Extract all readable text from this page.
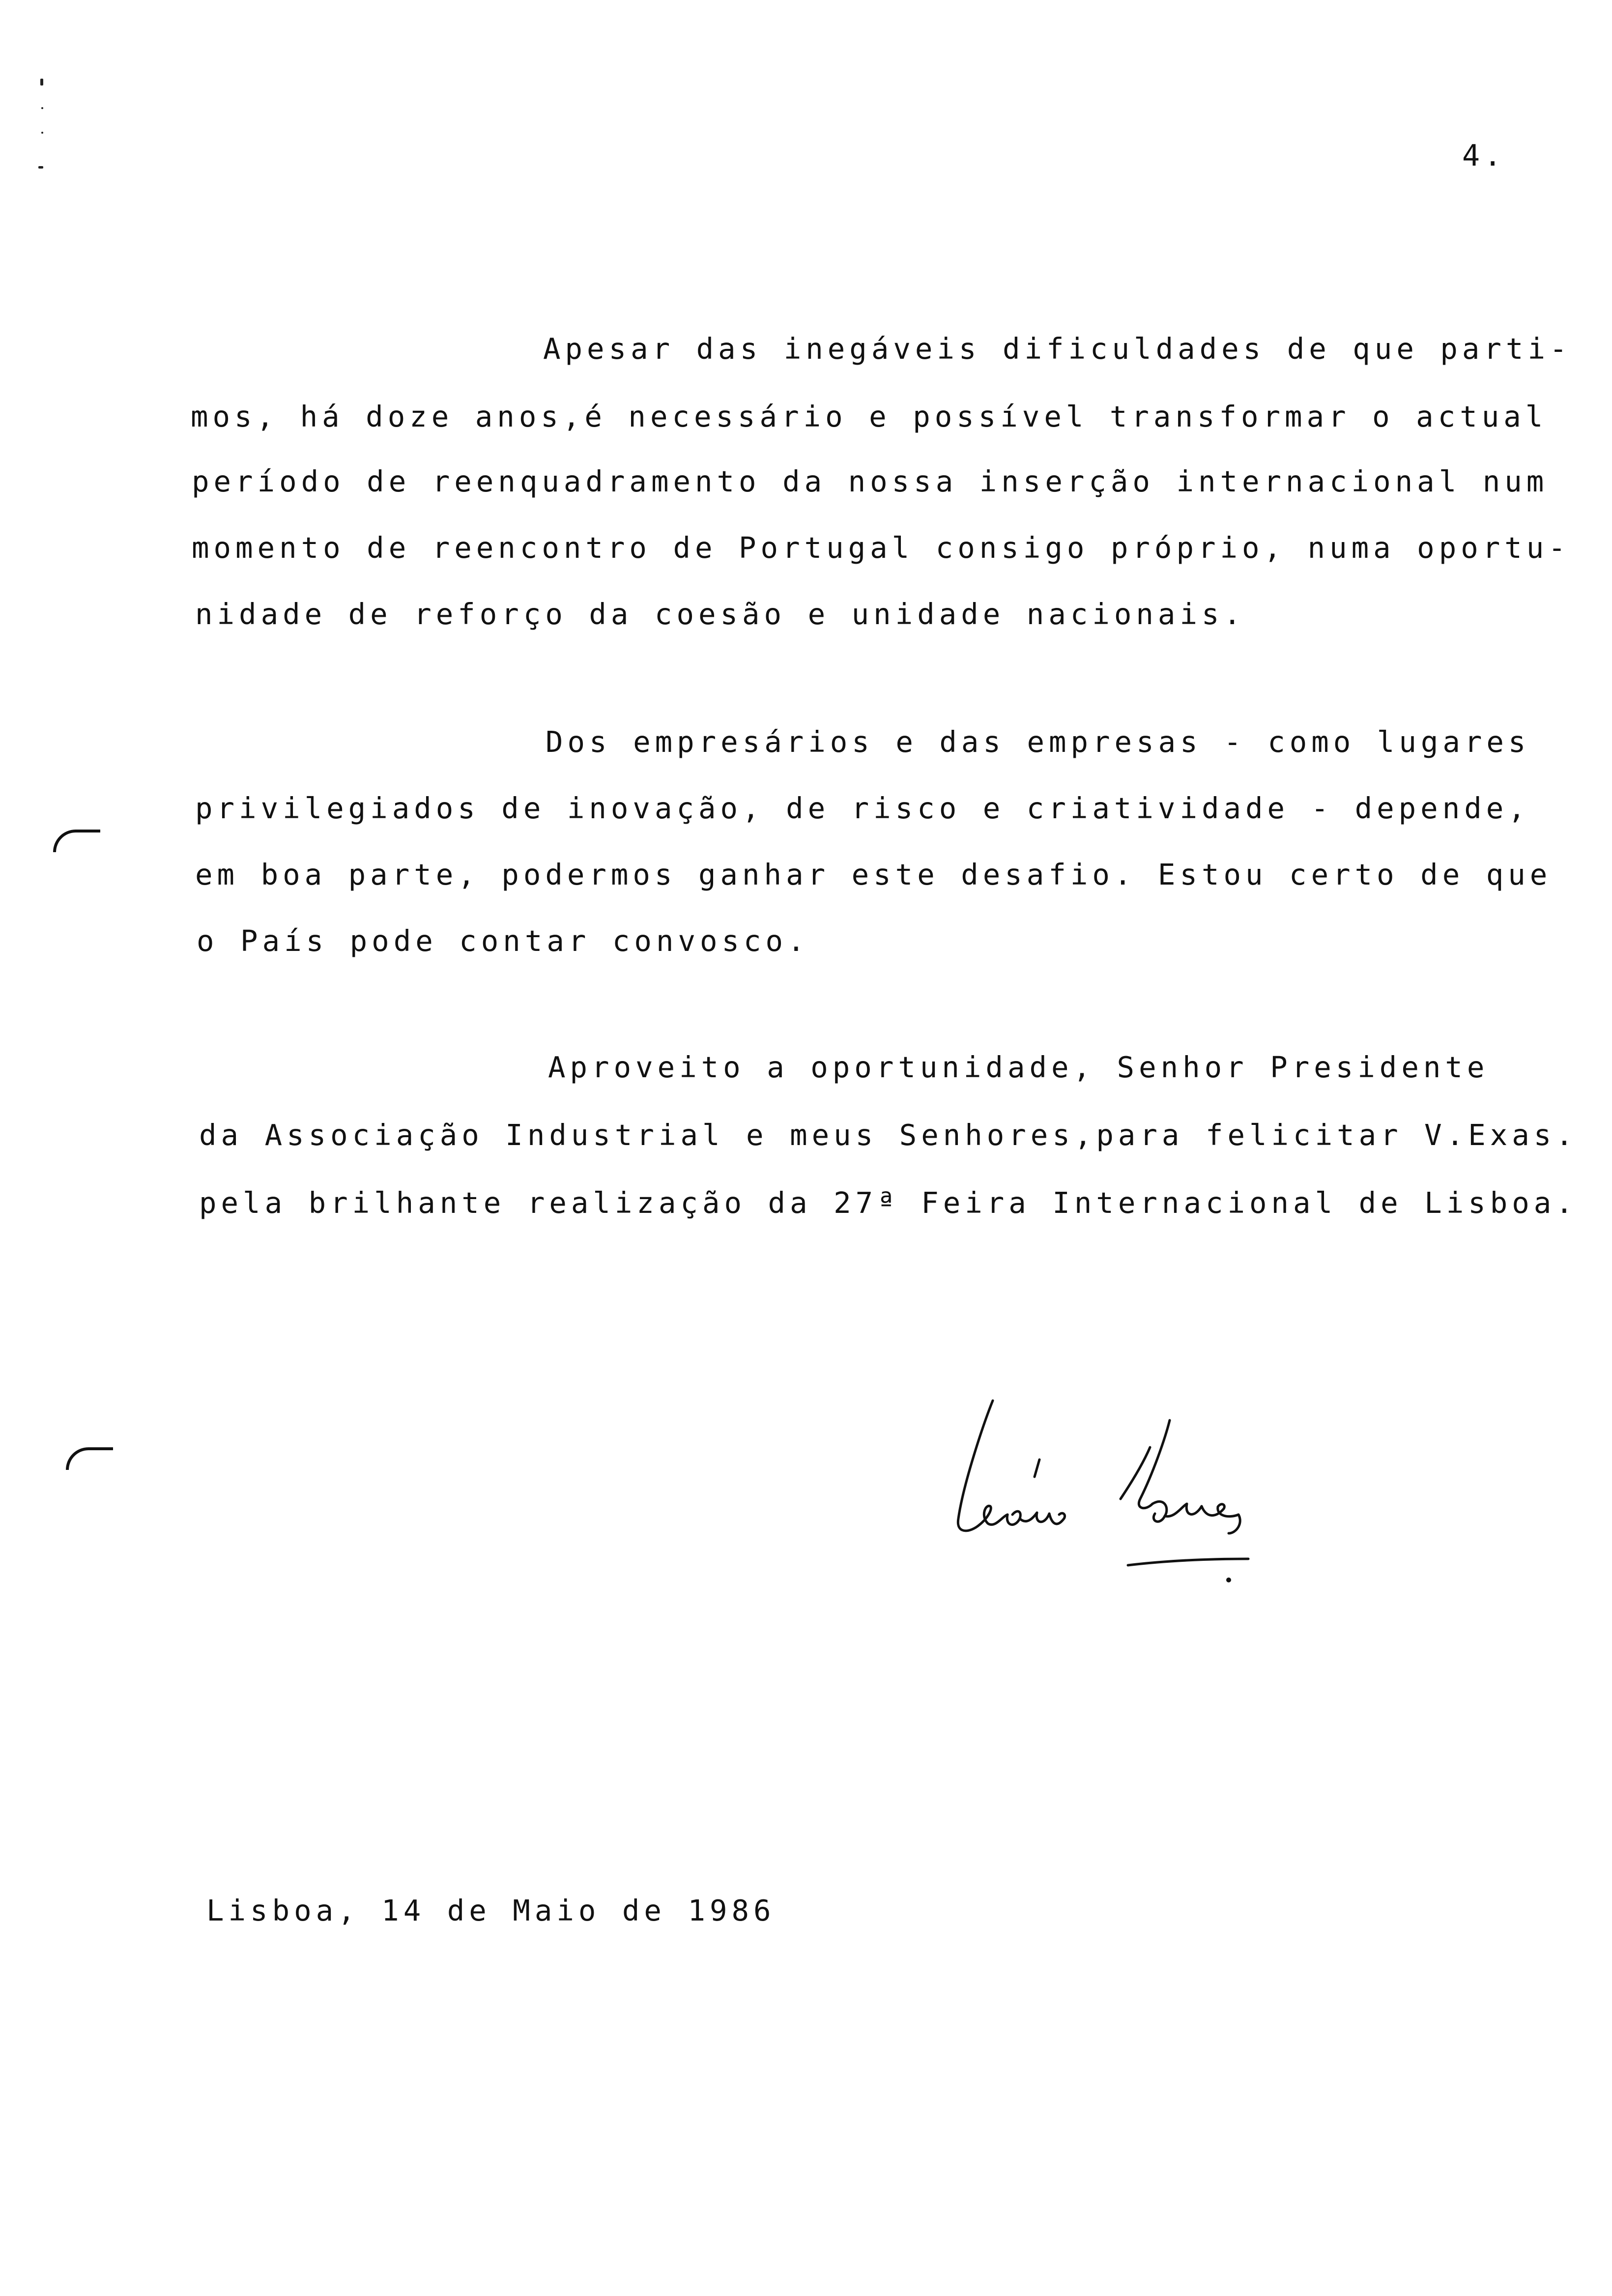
4.
Apesar das inegáveis dificuldades de que parti-
mos, há doze anos,é necessário e possível transformar o actual
período de reenquadramento da nossa inserção internacional num
momento de reencontro de Portugal consigo próprio, numa oportu-
nidade de reforço da coesão e unidade nacionais.
Dos empresários e das empresas - como lugares
privilegiados de inovação, de risco e criatividade - depende,
em boa parte, podermos ganhar este desafio. Estou certo de que
o País pode contar convosco.
Aproveito a oportunidade, Senhor Presidente
da Associação Industrial e meus Senhores,para felicitar V.Exas.
pela brilhante realização da 27ª Feira Internacional de Lisboa.
Lisboa, 14 de Maio de 1986
